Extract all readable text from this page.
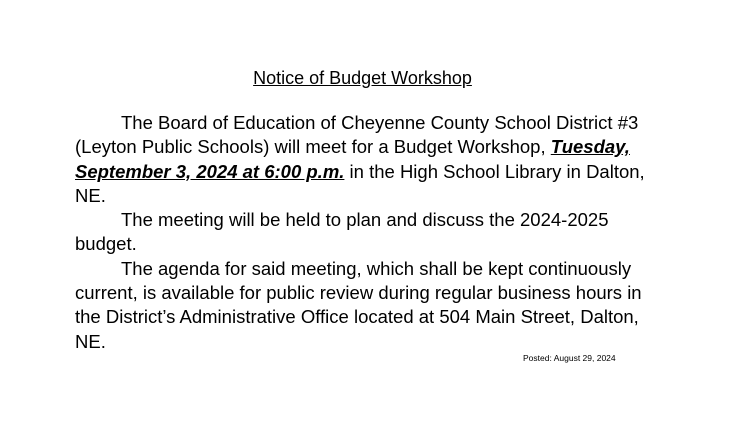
Notice of Budget Workshop

The Board of Education of Cheyenne County School District #3 (Leyton Public Schools) will meet for a Budget Workshop, Tuesday, September 3, 2024 at 6:00 p.m. in the High School Library in Dalton, NE.

The meeting will be held to plan and discuss the 2024-2025 budget.

The agenda for said meeting, which shall be kept continuously current, is available for public review during regular business hours in the District’s Administrative Office located at 504 Main Street, Dalton, NE.

Posted: August 29, 2024
